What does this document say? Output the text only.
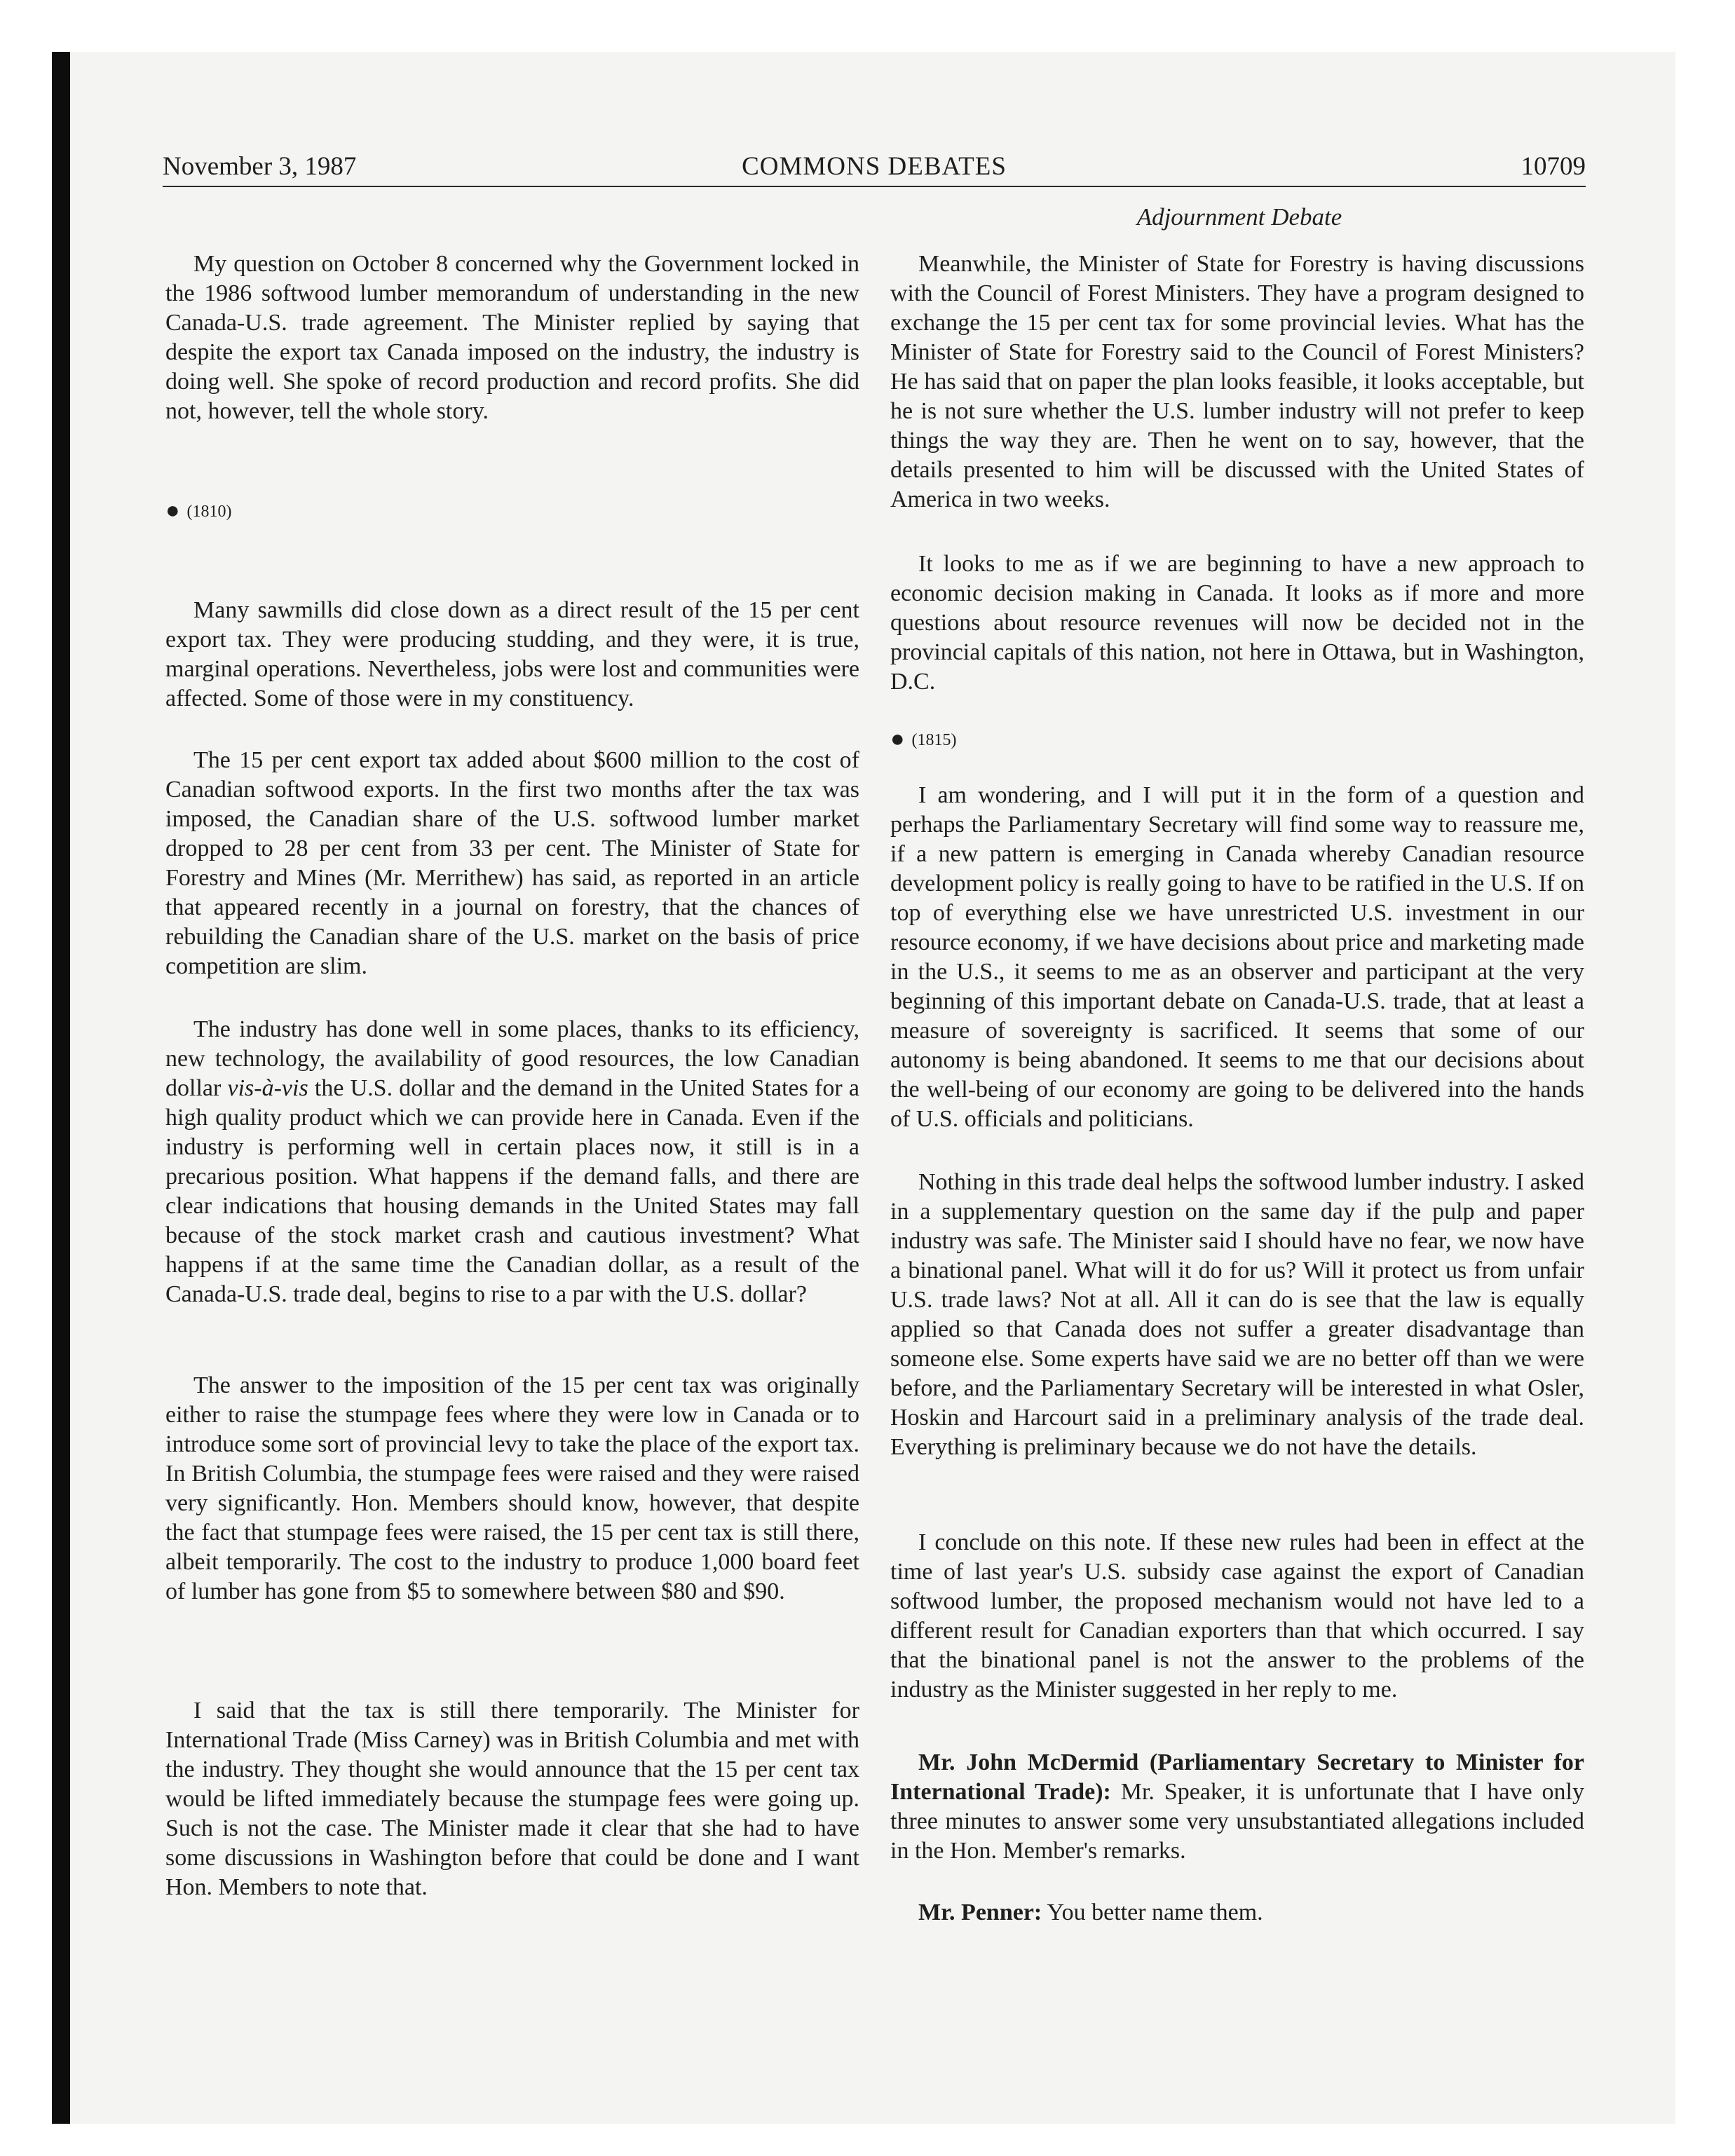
November 3, 1987	COMMONS DEBATES	10709
Adjournment Debate

My question on October 8 concerned why the Government locked in the 1986 softwood lumber memorandum of understanding in the new Canada-U.S. trade agreement. The Minister replied by saying that despite the export tax Canada imposed on the industry, the industry is doing well. She spoke of record production and record profits. She did not, however, tell the whole story.

● (1810)

Many sawmills did close down as a direct result of the 15 per cent export tax. They were producing studding, and they were, it is true, marginal operations. Nevertheless, jobs were lost and communities were affected. Some of those were in my constituency.

The 15 per cent export tax added about $600 million to the cost of Canadian softwood exports. In the first two months after the tax was imposed, the Canadian share of the U.S. softwood lumber market dropped to 28 per cent from 33 per cent. The Minister of State for Forestry and Mines (Mr. Merrithew) has said, as reported in an article that appeared recently in a journal on forestry, that the chances of rebuilding the Canadian share of the U.S. market on the basis of price competition are slim.

The industry has done well in some places, thanks to its efficiency, new technology, the availability of good resources, the low Canadian dollar vis-à-vis the U.S. dollar and the demand in the United States for a high quality product which we can provide here in Canada. Even if the industry is performing well in certain places now, it still is in a precarious position. What happens if the demand falls, and there are clear indications that housing demands in the United States may fall because of the stock market crash and cautious investment? What happens if at the same time the Canadian dollar, as a result of the Canada-U.S. trade deal, begins to rise to a par with the U.S. dollar?

The answer to the imposition of the 15 per cent tax was originally either to raise the stumpage fees where they were low in Canada or to introduce some sort of provincial levy to take the place of the export tax. In British Columbia, the stumpage fees were raised and they were raised very significantly. Hon. Members should know, however, that despite the fact that stumpage fees were raised, the 15 per cent tax is still there, albeit temporarily. The cost to the industry to produce 1,000 board feet of lumber has gone from $5 to somewhere between $80 and $90.

I said that the tax is still there temporarily. The Minister for International Trade (Miss Carney) was in British Columbia and met with the industry. They thought she would announce that the 15 per cent tax would be lifted immediately because the stumpage fees were going up. Such is not the case. The Minister made it clear that she had to have some discussions in Washington before that could be done and I want Hon. Members to note that.

Meanwhile, the Minister of State for Forestry is having discussions with the Council of Forest Ministers. They have a program designed to exchange the 15 per cent tax for some provincial levies. What has the Minister of State for Forestry said to the Council of Forest Ministers? He has said that on paper the plan looks feasible, it looks acceptable, but he is not sure whether the U.S. lumber industry will not prefer to keep things the way they are. Then he went on to say, however, that the details presented to him will be discussed with the United States of America in two weeks.

It looks to me as if we are beginning to have a new approach to economic decision making in Canada. It looks as if more and more questions about resource revenues will now be decided not in the provincial capitals of this nation, not here in Ottawa, but in Washington, D.C.

● (1815)

I am wondering, and I will put it in the form of a question and perhaps the Parliamentary Secretary will find some way to reassure me, if a new pattern is emerging in Canada whereby Canadian resource development policy is really going to have to be ratified in the U.S. If on top of everything else we have unrestricted U.S. investment in our resource economy, if we have decisions about price and marketing made in the U.S., it seems to me as an observer and participant at the very beginning of this important debate on Canada-U.S. trade, that at least a measure of sovereignty is sacrificed. It seems that some of our autonomy is being abandoned. It seems to me that our decisions about the well-being of our economy are going to be delivered into the hands of U.S. officials and politicians.

Nothing in this trade deal helps the softwood lumber industry. I asked in a supplementary question on the same day if the pulp and paper industry was safe. The Minister said I should have no fear, we now have a binational panel. What will it do for us? Will it protect us from unfair U.S. trade laws? Not at all. All it can do is see that the law is equally applied so that Canada does not suffer a greater disadvantage than someone else. Some experts have said we are no better off than we were before, and the Parliamentary Secretary will be interested in what Osler, Hoskin and Harcourt said in a preliminary analysis of the trade deal. Everything is preliminary because we do not have the details.

I conclude on this note. If these new rules had been in effect at the time of last year's U.S. subsidy case against the export of Canadian softwood lumber, the proposed mechanism would not have led to a different result for Canadian exporters than that which occurred. I say that the binational panel is not the answer to the problems of the industry as the Minister suggested in her reply to me.

Mr. John McDermid (Parliamentary Secretary to Minister for International Trade): Mr. Speaker, it is unfortunate that I have only three minutes to answer some very unsubstantiated allegations included in the Hon. Member's remarks.

Mr. Penner: You better name them.
